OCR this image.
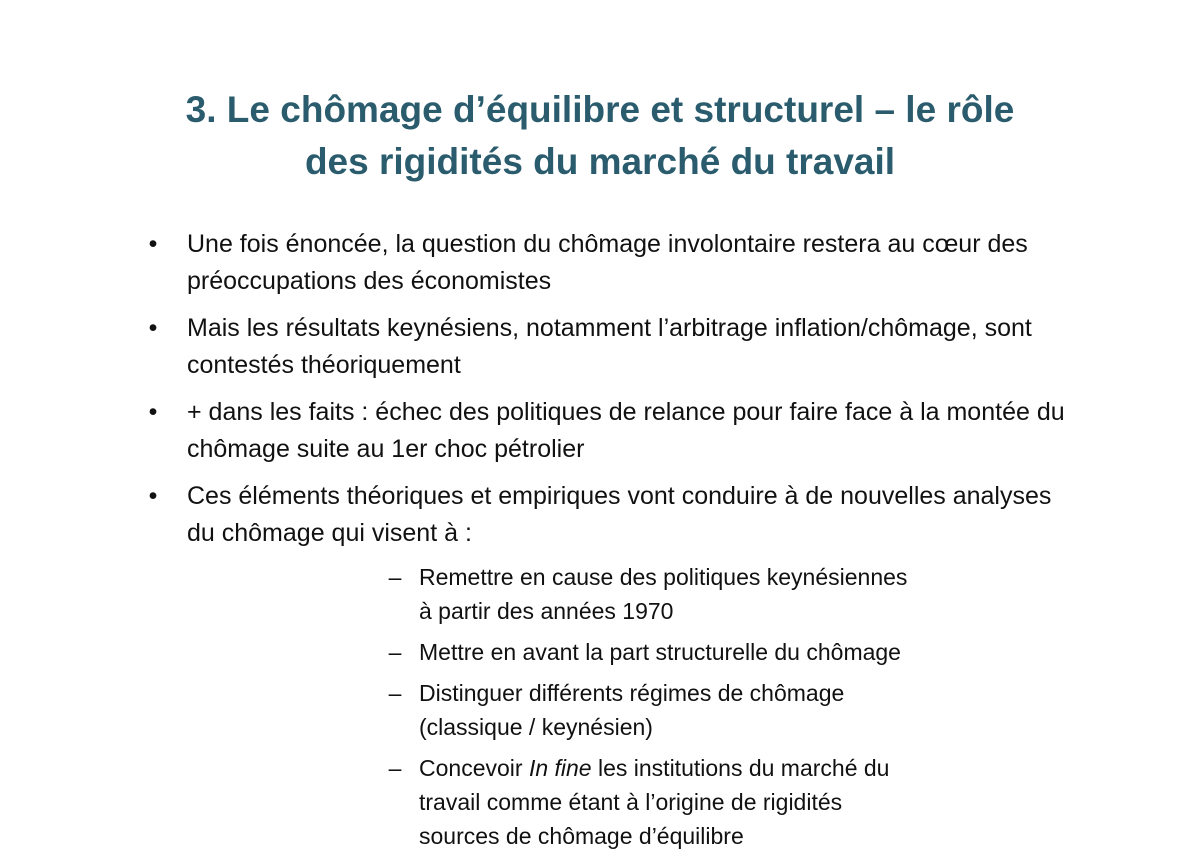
3. Le chômage d’équilibre et structurel – le rôle
des rigidités du marché du travail
• Une fois énoncée, la question du chômage involontaire restera au cœur des préoccupations des économistes
• Mais les résultats keynésiens, notamment l’arbitrage inflation/chômage, sont contestés théoriquement
• + dans les faits : échec des politiques de relance pour faire face à la montée du chômage suite au 1er choc pétrolier
• Ces éléments théoriques et empiriques vont conduire à de nouvelles analyses du chômage qui visent à :
– Remettre en cause des politiques keynésiennes à partir des années 1970
– Mettre en avant la part structurelle du chômage
– Distinguer différents régimes de chômage (classique / keynésien)
– Concevoir In fine les institutions du marché du travail comme étant à l’origine de rigidités sources de chômage d’équilibre
